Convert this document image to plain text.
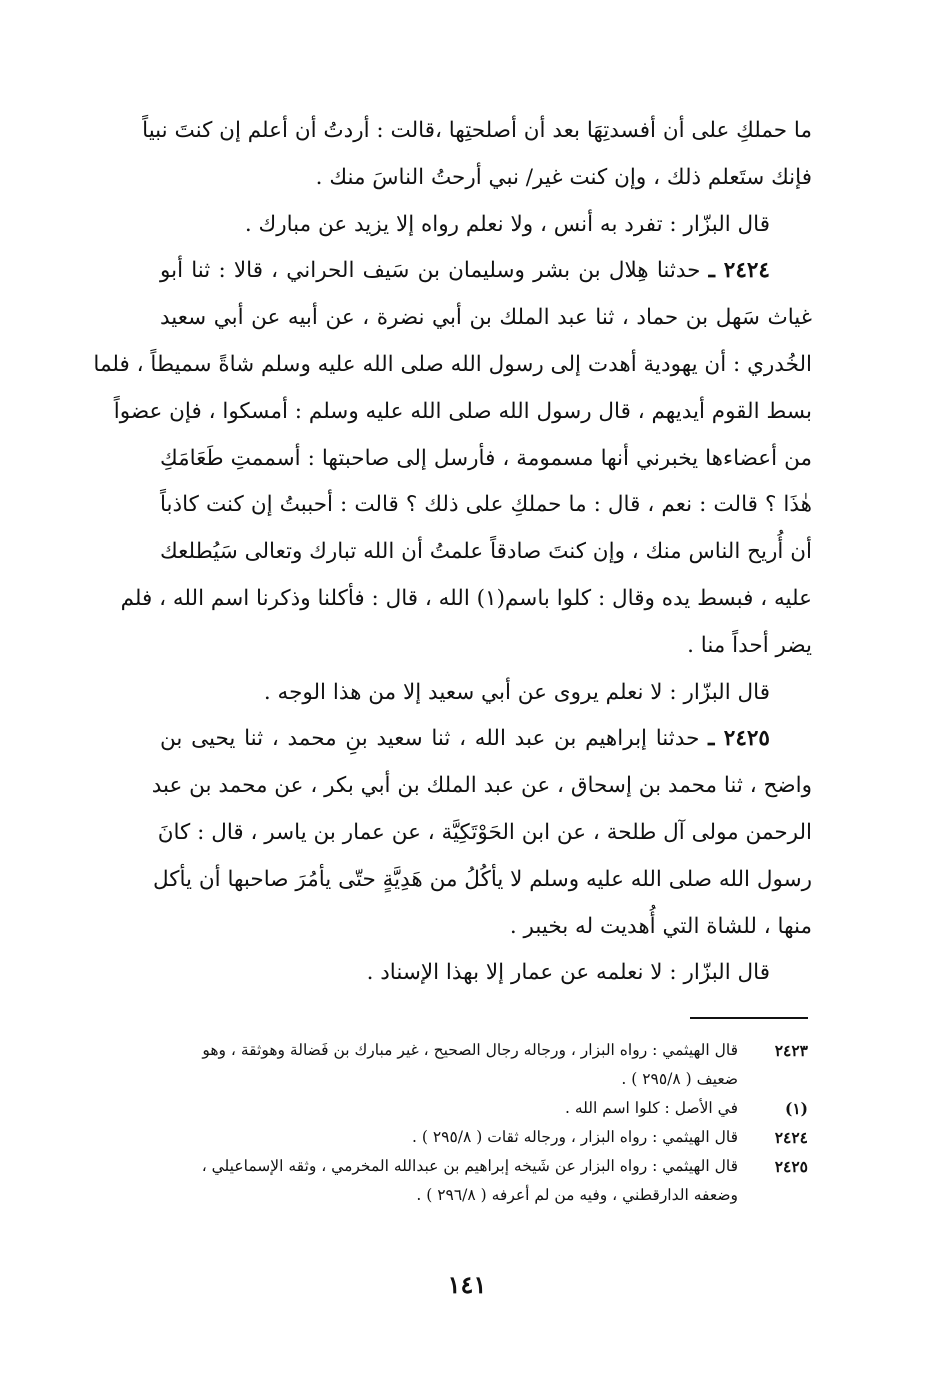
ما حملكِ على أن أفسدتِهَا بعد أن أصلحتِها ،قالت : أردتُ أن أعلم إن كنتَ نبياً
فإنك ستَعلم ذلك ، وإن كنت غير/ نبي أرحتُ الناسَ منك .
قال البزّار : تفرد به أنس ، ولا نعلم رواه إلا يزيد عن مبارك .
٢٤٢٤ ـ حدثنا هِلال بن بشر وسليمان بن سَيف الحراني ، قالا : ثنا أبو
غياث سَهل بن حماد ، ثنا عبد الملك بن أبي نضرة ، عن أبيه عن أبي سعيد
الخُدري : أن يهودية أهدت إلى رسول الله صلى الله عليه وسلم شاةً سميطاً ، فلما
بسط القوم أيديهم ، قال رسول الله صلى الله عليه وسلم : أمسكوا ، فإن عضواً
من أعضاءها يخبرني أنها مسمومة ، فأرسل إلى صاحبتها : أسممتِ طَعَامَكِ
هٰذَا ؟ قالت : نعم ، قال : ما حملكِ على ذلك ؟ قالت : أحببتُ إن كنت كاذباً
أن أُريح الناس منك ، وإن كنتَ صادقاً علمتُ أن الله تبارك وتعالى سَيُطلعك
عليه ، فبسط يده وقال : كلوا باسم(١) الله ، قال : فأكلنا وذكرنا اسم الله ، فلم
يضر أحداً منا .
قال البزّار : لا نعلم يروى عن أبي سعيد إلا من هذا الوجه .
٢٤٢٥ ـ حدثنا إبراهيم بن عبد الله ، ثنا سعيد بنِ محمد ، ثنا يحيى بن
واضح ، ثنا محمد بن إسحاق ، عن عبد الملك بن أبي بكر ، عن محمد بن عبد
الرحمن مولى آل طلحة ، عن ابن الحَوْتَكِيَّة ، عن عمار بن ياسر ، قال : كانَ
رسول الله صلى الله عليه وسلم لا يأكُلُ من هَدِيَّةٍ حتّى يأمُرَ صاحبها أن يأكل
منها ، للشاة التي أُهديت له بخيبر .
قال البزّار : لا نعلمه عن عمار إلا بهذا الإسناد .
٢٤٢٣
قال الهيثمي : رواه البزار ، ورجاله رجال الصحيح ، غير مبارك بن فَضالة وهوثقة ، وهو
ضعيف ( ٢٩٥/٨ ) .
(١)
في الأصل : كلوا اسم الله .
٢٤٢٤
قال الهيثمي : رواه البزار ، ورجاله ثقات ( ٢٩٥/٨ ) .
٢٤٢٥
قال الهيثمي : رواه البزار عن شَيخه إبراهيم بن عبدالله المخرمي ، وثقه الإسماعيلي ،
وضعفه الدارقطني ، وفيه من لم أعرفه ( ٢٩٦/٨ ) .
١٤١
